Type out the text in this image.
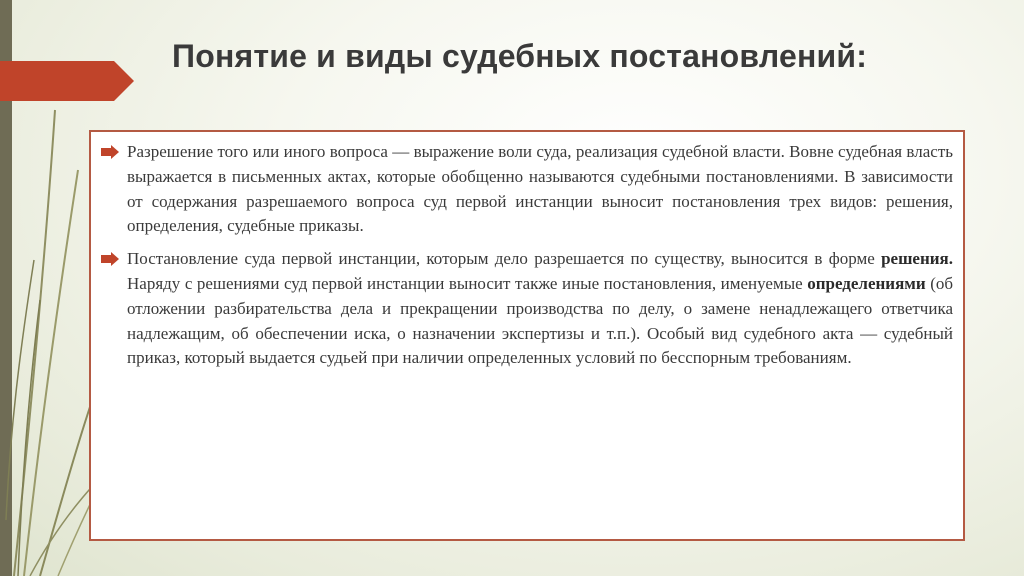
Понятие и виды судебных постановлений:
Разрешение того или иного вопроса — выражение воли суда, реализация судебной власти. Вовне судебная власть выражается в письменных актах, которые обобщенно называются судебными постановлениями. В зависимости от содержания разрешаемого вопроса суд первой инстанции выносит постановления трех видов: решения, определения, судебные приказы.
Постановление суда первой инстанции, которым дело разрешается по существу, выносится в форме решения. Наряду с решениями суд первой инстанции выносит также иные постановления, именуемые определениями (об отложении разбирательства дела и прекращении производства по делу, о замене ненадлежащего ответчика надлежащим, об обеспечении иска, о назначении экспертизы и т.п.). Особый вид судебного акта — судебный приказ, который выдается судьей при наличии определенных условий по бесспорным требованиям.
